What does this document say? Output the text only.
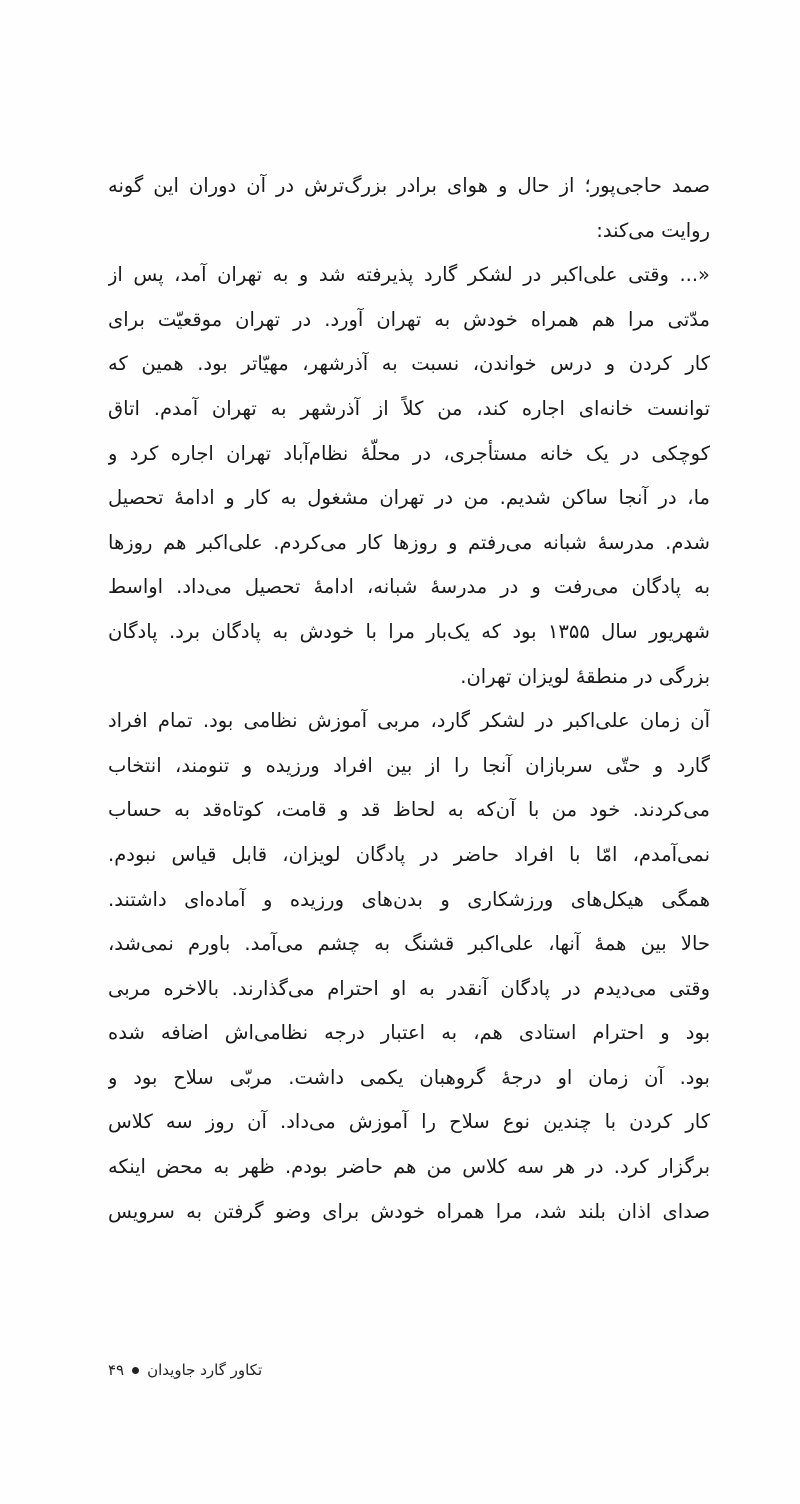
صمد حاجی‌پور؛ از حال و هوای برادر بزرگ‌ترش در آن دوران این گونه
روایت می‌کند:
«... وقتی علی‌اکبر در لشکر گارد پذیرفته شد و به تهران آمد، پس از
مدّتی مرا هم همراه خودش به تهران آورد. در تهران موقعیّت برای
کار کردن و درس خواندن، نسبت به آذرشهر، مهیّاتر بود. همین که
توانست خانه‌ای اجاره کند، من کلاً از آذرشهر به تهران آمدم. اتاق
کوچکی در یک خانه مستأجری، در محلّهٔ نظام‌آباد تهران اجاره کرد و
ما، در آنجا ساکن شدیم. من در تهران مشغول به کار و ادامهٔ تحصیل
شدم. مدرسهٔ شبانه می‌رفتم و روزها کار می‌کردم. علی‌اکبر هم روزها
به پادگان می‌رفت و در مدرسهٔ شبانه، ادامهٔ تحصیل می‌داد. اواسط
شهریور سال ۱۳۵۵ بود که یک‌بار مرا با خودش به پادگان برد. پادگان
بزرگی در منطقهٔ لویزان تهران.
آن زمان علی‌اکبر در لشکر گارد، مربی آموزش نظامی بود. تمام افراد
گارد و حتّی سربازان آنجا را از بین افراد ورزیده و تنومند، انتخاب
می‌کردند. خود من با آن‌که به لحاظ قد و قامت، کوتاه‌قد به حساب
نمی‌آمدم، امّا با افراد حاضر در پادگان لویزان، قابل قیاس نبودم.
همگی هیکل‌های ورزشکاری و بدن‌های ورزیده و آماده‌ای داشتند.
حالا بین همهٔ آنها، علی‌اکبر قشنگ به چشم می‌آمد. باورم نمی‌شد،
وقتی می‌دیدم در پادگان آنقدر به او احترام می‌گذارند. بالاخره مربی
بود و احترام استادی هم، به اعتبار درجه نظامی‌اش اضافه شده
بود. آن زمان او درجهٔ گروهبان یکمی داشت. مربّی سلاح بود و
کار کردن با چندین نوع سلاح را آموزش می‌داد. آن روز سه کلاس
برگزار کرد. در هر سه کلاس من هم حاضر بودم. ظهر به محض اینکه
صدای اذان بلند شد، مرا همراه خودش برای وضو گرفتن به سرویس
تکاور گارد جاویدان
۴۹
